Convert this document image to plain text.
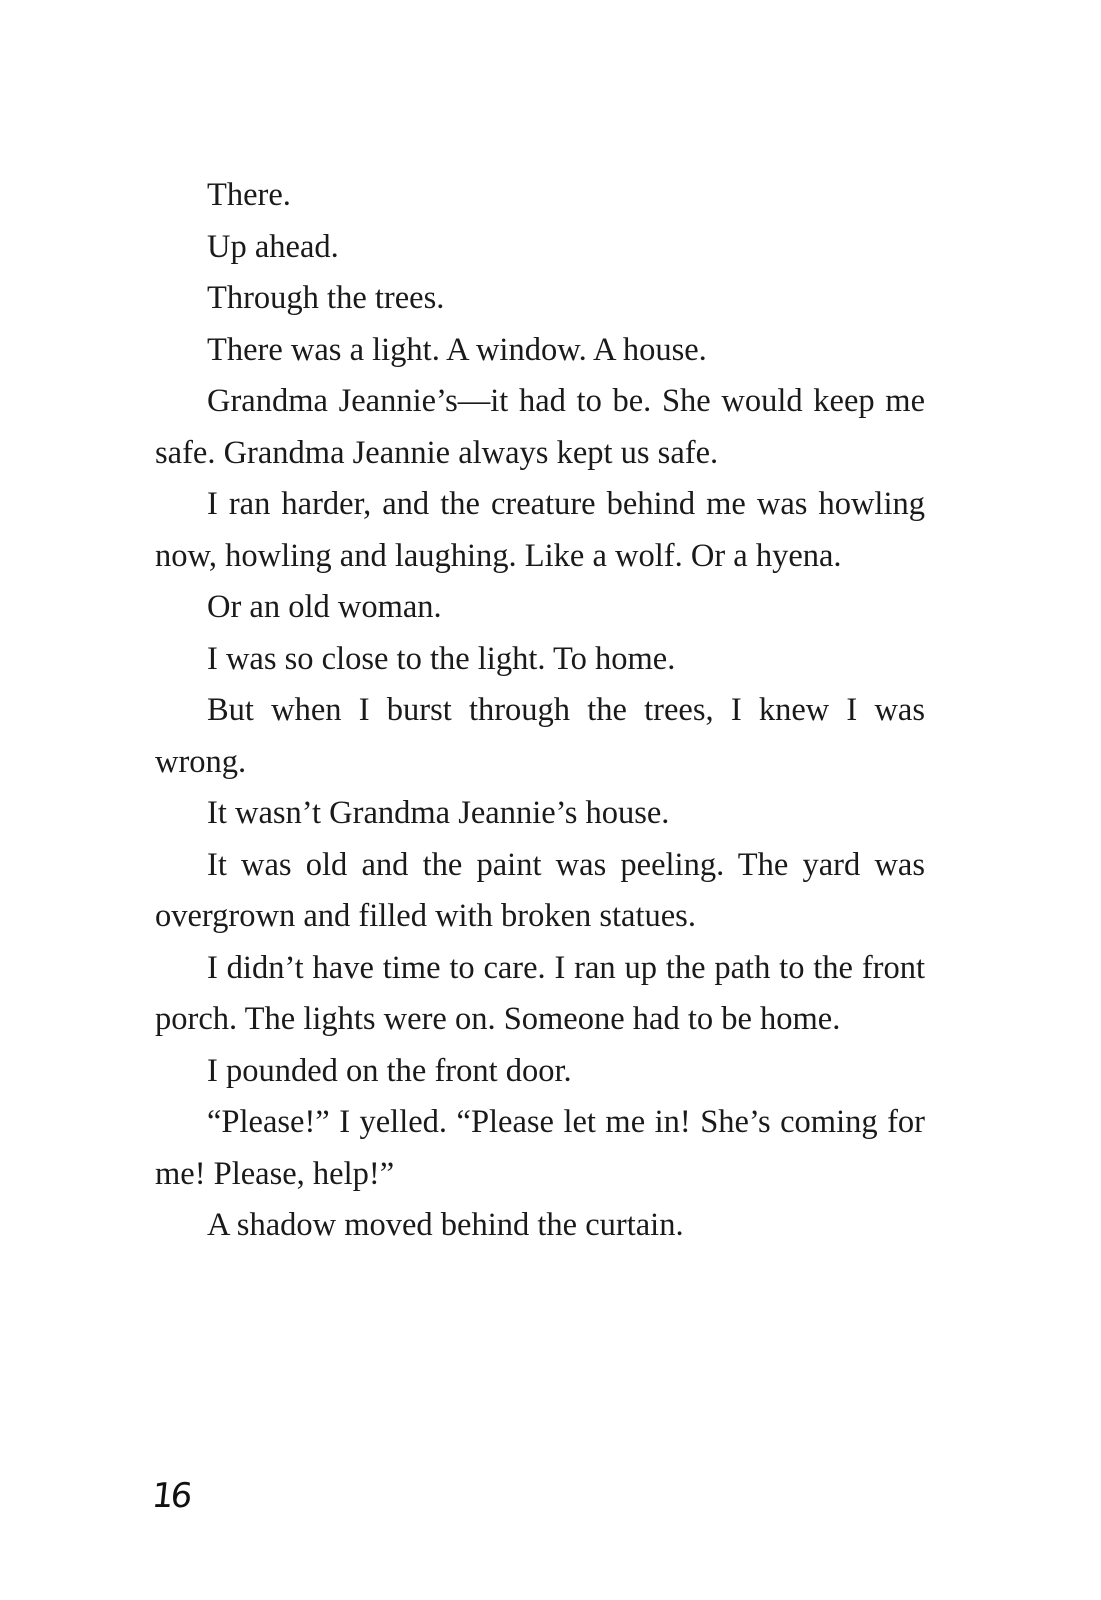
There.

Up ahead.

Through the trees.

There was a light. A window. A house.

Grandma Jeannie’s—it had to be. She would keep me safe. Grandma Jeannie always kept us safe.

I ran harder, and the creature behind me was howling now, howling and laughing. Like a wolf. Or a hyena.

Or an old woman.

I was so close to the light. To home.

But when I burst through the trees, I knew I was wrong.

It wasn’t Grandma Jeannie’s house.

It was old and the paint was peeling. The yard was overgrown and filled with broken statues.

I didn’t have time to care. I ran up the path to the front porch. The lights were on. Someone had to be home.

I pounded on the front door.

“Please!” I yelled. “Please let me in! She’s coming for me! Please, help!”

A shadow moved behind the curtain.

16
